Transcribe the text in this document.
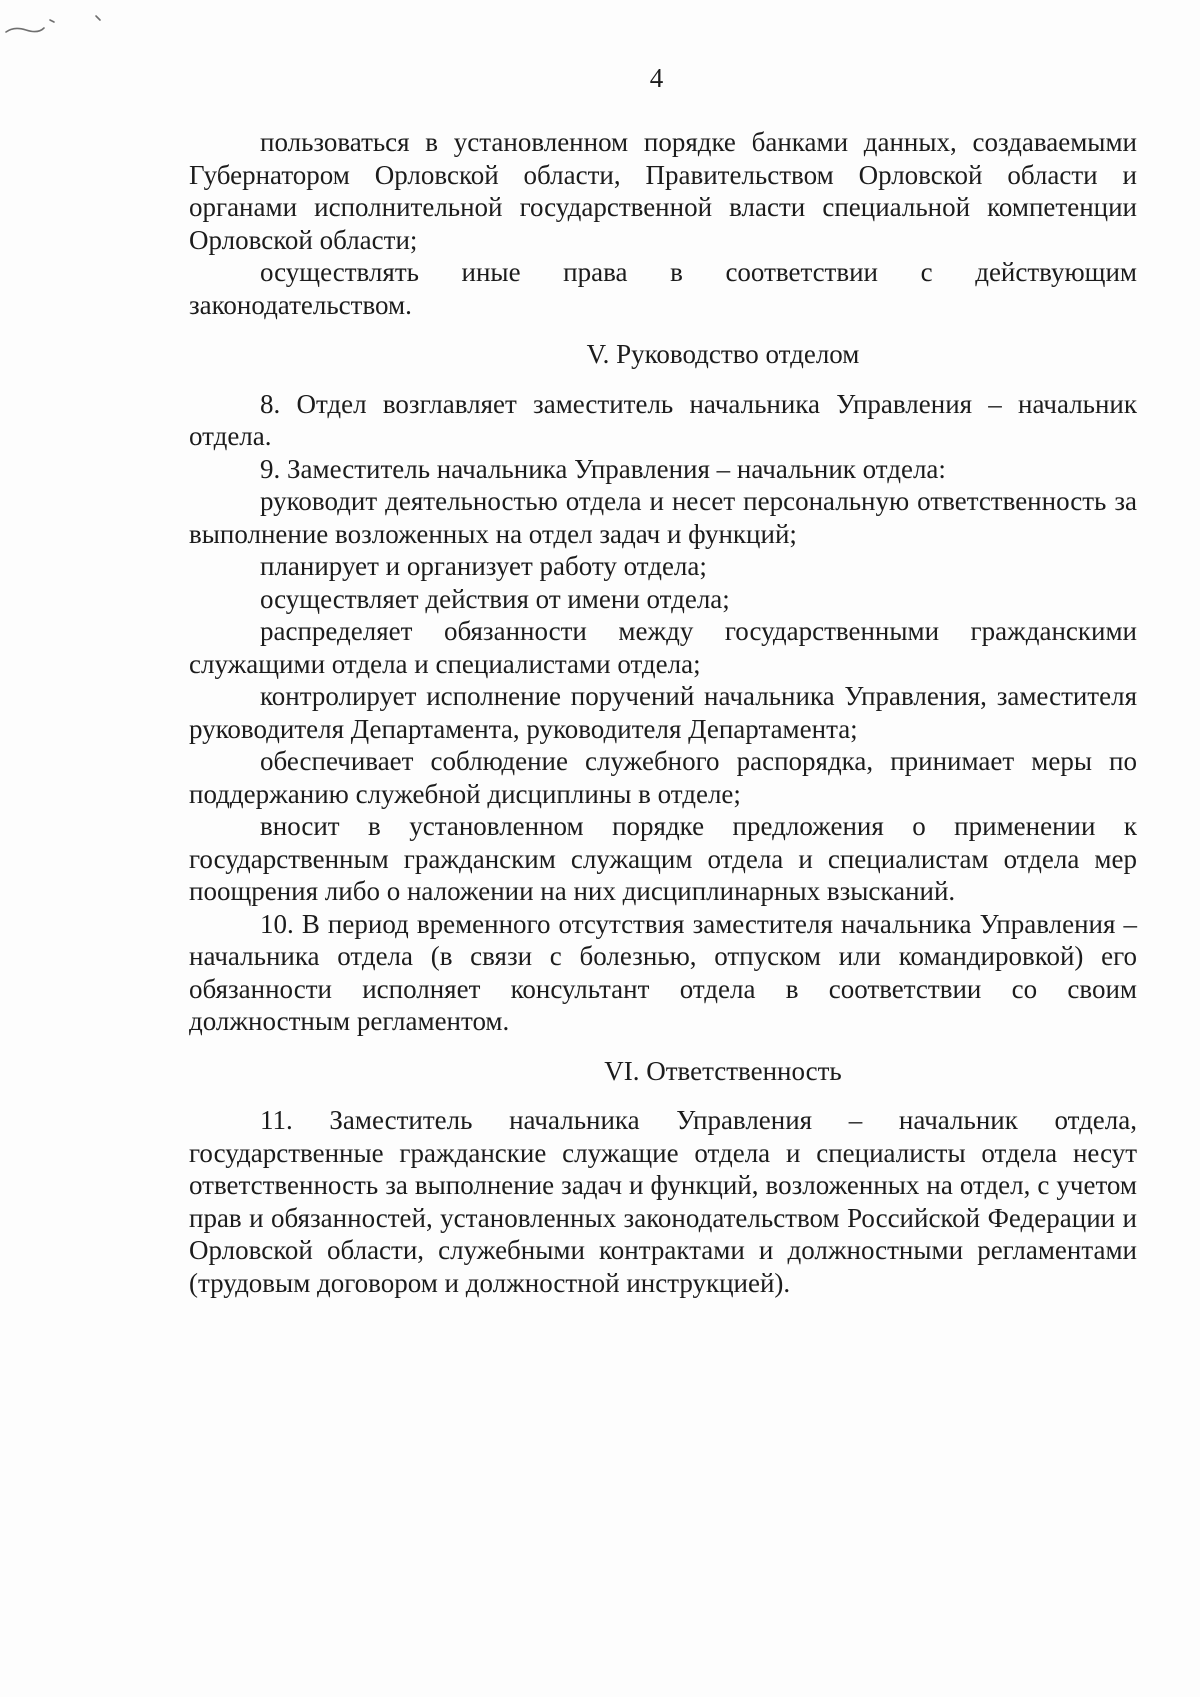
4

пользоваться в установленном порядке банками данных, создаваемыми Губернатором Орловской области, Правительством Орловской области и органами исполнительной государственной власти специальной компетенции Орловской области;

осуществлять иные права в соответствии с действующим законодательством.

V. Руководство отделом

8. Отдел возглавляет заместитель начальника Управления – начальник отдела.

9. Заместитель начальника Управления – начальник отдела:

руководит деятельностью отдела и несет персональную ответственность за выполнение возложенных на отдел задач и функций;

планирует и организует работу отдела;

осуществляет действия от имени отдела;

распределяет обязанности между государственными гражданскими служащими отдела и специалистами отдела;

контролирует исполнение поручений начальника Управления, заместителя руководителя Департамента, руководителя Департамента;

обеспечивает соблюдение служебного распорядка, принимает меры по поддержанию служебной дисциплины в отделе;

вносит в установленном порядке предложения о применении к государственным гражданским служащим отдела и специалистам отдела мер поощрения либо о наложении на них дисциплинарных взысканий.

10. В период временного отсутствия заместителя начальника Управления – начальника отдела (в связи с болезнью, отпуском или командировкой) его обязанности исполняет консультант отдела в соответствии со своим должностным регламентом.

VI. Ответственность

11. Заместитель начальника Управления – начальник отдела, государственные гражданские служащие отдела и специалисты отдела несут ответственность за выполнение задач и функций, возложенных на отдел, с учетом прав и обязанностей, установленных законодательством Российской Федерации и Орловской области, служебными контрактами и должностными регламентами (трудовым договором и должностной инструкцией).
